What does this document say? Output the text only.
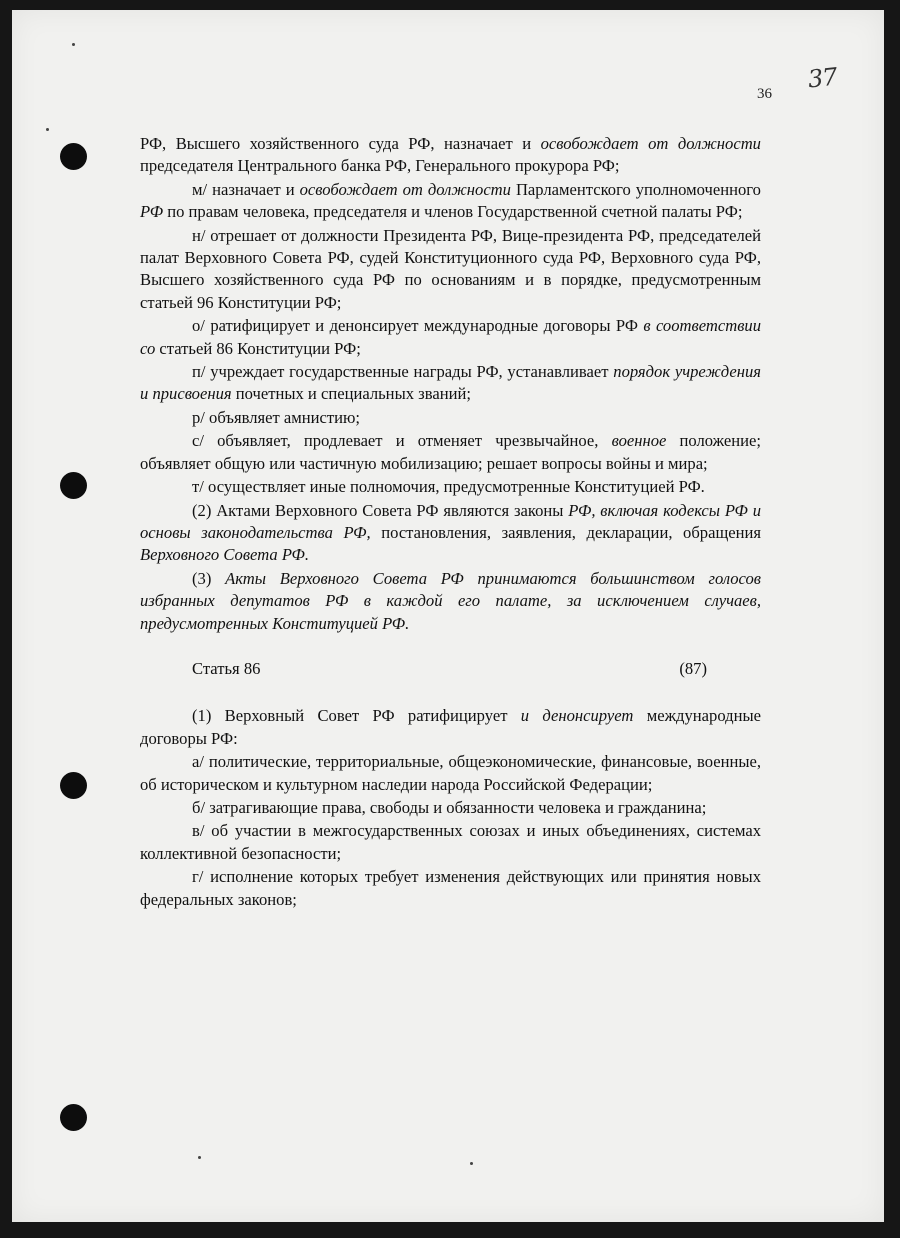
36
37

РФ, Высшего хозяйственного суда РФ, назначает и освобождает от должности председателя Центрального банка РФ, Генерального прокурора РФ;

м/ назначает и освобождает от должности Парламентского уполномоченного РФ по правам человека, председателя и членов Государственной счетной палаты РФ;

н/ отрешает от должности Президента РФ, Вице-президента РФ, председателей палат Верховного Совета РФ, судей Конституционного суда РФ, Верховного суда РФ, Высшего хозяйственного суда РФ по основаниям и в порядке, предусмотренным статьей 96 Конституции РФ;

о/ ратифицирует и денонсирует международные договоры РФ в соответствии со статьей 86 Конституции РФ;

п/ учреждает государственные награды РФ, устанавливает порядок учреждения и присвоения почетных и специальных званий;

р/ объявляет амнистию;

с/ объявляет, продлевает и отменяет чрезвычайное, военное положение; объявляет общую или частичную мобилизацию; решает вопросы войны и мира;

т/ осуществляет иные полномочия, предусмотренные Конституцией РФ.

(2) Актами Верховного Совета РФ являются законы РФ, включая кодексы РФ и основы законодательства РФ, постановления, заявления, декларации, обращения Верховного Совета РФ.

(3) Акты Верховного Совета РФ принимаются большинством голосов избранных депутатов РФ в каждой его палате, за исключением случаев, предусмотренных Конституцией РФ.

Статья 86	(87)

(1) Верховный Совет РФ ратифицирует и денонсирует международные договоры РФ:

а/ политические, территориальные, общеэкономические, финансовые, военные, об историческом и культурном наследии народа Российской Федерации;

б/ затрагивающие права, свободы и обязанности человека и гражданина;

в/ об участии в межгосударственных союзах и иных объединениях, системах коллективной безопасности;

г/ исполнение которых требует изменения действующих или принятия новых федеральных законов;
